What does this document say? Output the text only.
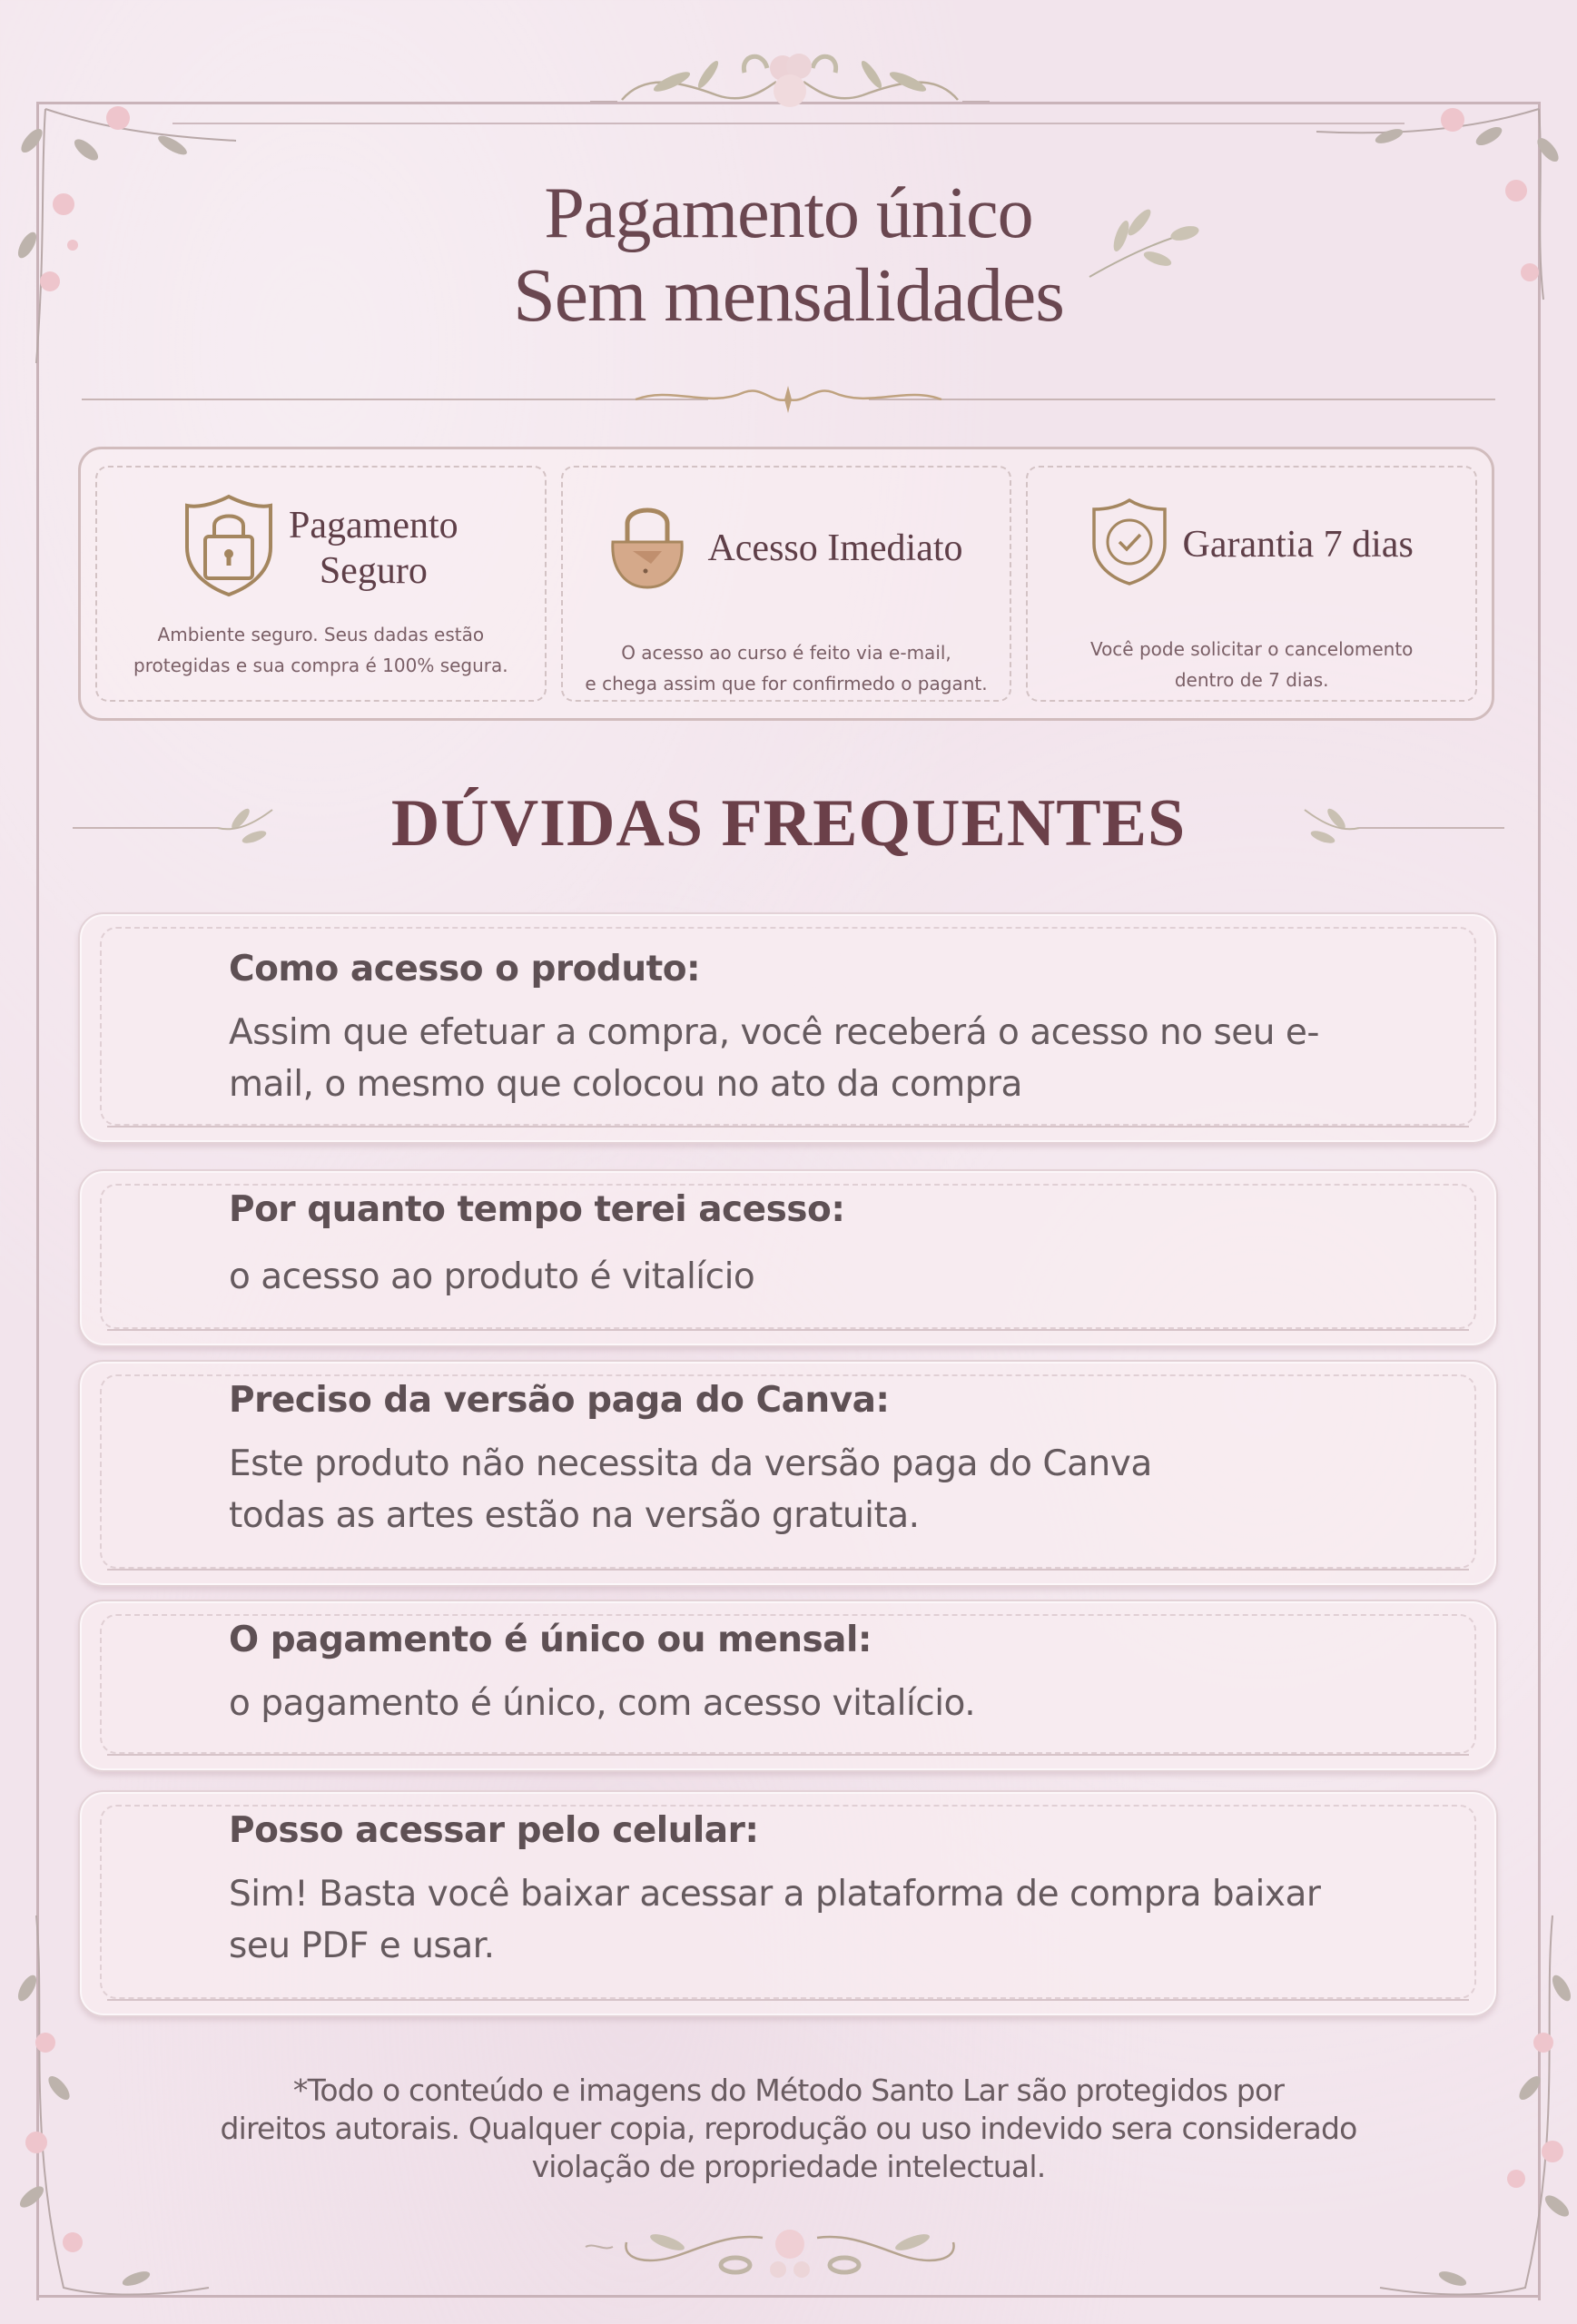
Pagamento único
Sem mensalidades
Pagamento
Seguro
Ambiente seguro. Seus dadas estão
protegidas e sua compra é 100% segura.
Acesso Imediato
O acesso ao curso é feito via e-mail,
e chega assim que for confirmedo o pagant.
Garantia 7 dias
Você pode solicitar o cancelomento
dentro de 7 dias.
DÚVIDAS FREQUENTES
Como acesso o produto:
Assim que efetuar a compra, você receberá o acesso no seu e-
mail, o mesmo que colocou no ato da compra
Por quanto tempo terei acesso:
o acesso ao produto é vitalício
Preciso da versão paga do Canva:
Este produto não necessita da versão paga do Canva
todas as artes estão na versão gratuita.
O pagamento é único ou mensal:
o pagamento é único, com acesso vitalício.
Posso acessar pelo celular:
Sim! Basta você baixar acessar a plataforma de compra baixar
seu PDF e usar.
*Todo o conteúdo e imagens do Método Santo Lar são protegidos por
direitos autorais. Qualquer copia, reprodução ou uso indevido sera considerado
violação de propriedade intelectual.
